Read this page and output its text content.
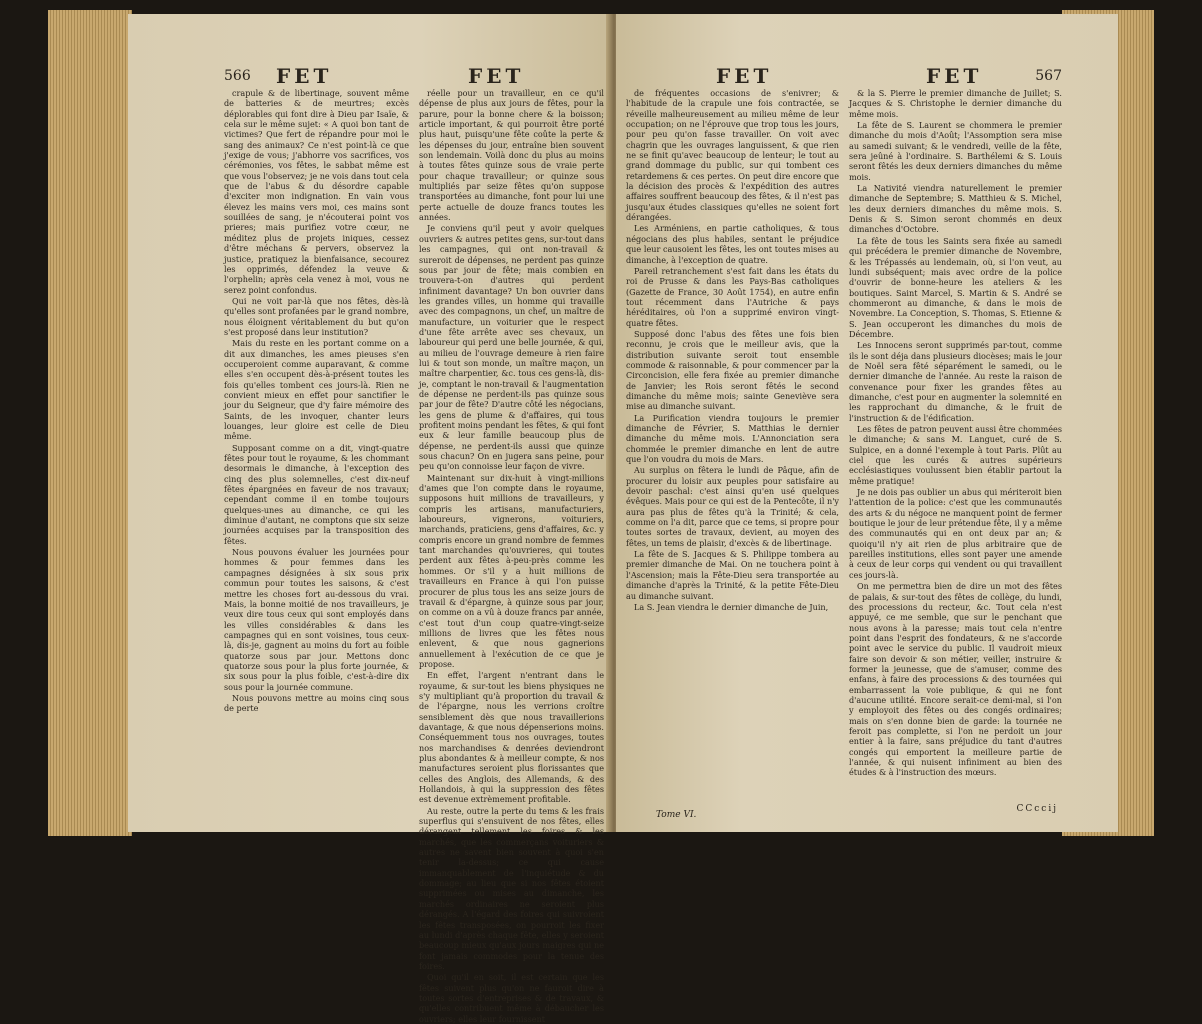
566 FET	FET

crapule & de libertinage, souvent même de batteries & de meurtres; excès déplorables qui font dire à Dieu par Isaïe, & cela sur le même sujet: « A quoi bon tant de victimes? Que fert de répandre pour moi le sang des animaux? Ce n'est point-là ce que j'exige de vous; j'abhorre vos sacrifices, vos cérémonies, vos fêtes, le sabbat même est que vous l'observez; je ne vois dans tout cela que de l'abus & du désordre capable d'exciter mon indignation. En vain vous élevez les mains vers moi, ces mains sont souillées de sang, je n'écouterai point vos prieres; mais purifiez votre cœur, ne méditez plus de projets iniques, cessez d'être méchans & pervers, observez la justice, pratiquez la bienfaisance, secourez les opprimés, défendez la veuve & l'orphelin; après cela venez à moi, vous ne serez point confondus.

Qui ne voit par-là que nos fêtes, dès-là qu'elles sont profanées par le grand nombre, nous éloignent véritablement du but qu'on s'est proposé dans leur institution?

Mais du reste en les portant comme on a dit aux dimanches, les ames pieuses s'en occuperoient comme auparavant, & comme elles s'en occupent dès-à-présent toutes les fois qu'elles tombent ces jours-là. Rien ne convient mieux en effet pour sanctifier le jour du Seigneur, que d'y faire mémoire des Saints, de les invoquer, chanter leurs louanges, leur gloire est celle de Dieu même.

Supposant comme on a dit, vingt-quatre fêtes pour tout le royaume, & les chommant desormais le dimanche, à l'exception des cinq des plus solemnelles, c'est dix-neuf fêtes épargnées en faveur de nos travaux; cependant comme il en tombe toujours quelques-unes au dimanche, ce qui les diminue d'autant, ne comptons que six seize journées acquises par la transposition des fêtes.

Nous pouvons évaluer les journées pour hommes & pour femmes dans les campagnes désignées à six sous prix commun pour toutes les saisons, & c'est mettre les choses fort au-dessous du vrai. Mais, la bonne moitié de nos travailleurs, je veux dire tous ceux qui sont employés dans les villes considérables & dans les campagnes qui en sont voisines, tous ceux-là, dis-je, gagnent au moins du fort au foible quatorze sous par jour. Mettons donc quatorze sous pour la plus forte journée, & six sous pour la plus foible, c'est-à-dire dix sous pour la journée commune.

Nous pouvons mettre au moins cinq sous de perte

réelle pour un travailleur, en ce qu'il dépense de plus aux jours de fêtes, pour la parure, pour la bonne chere & la boisson; article important, & qui pourroit être porté plus haut, puisqu'une fête coûte la perte & les dépenses du jour, entraîne bien souvent son lendemain. Voilà donc du plus au moins à toutes fêtes quinze sous de vraie perte pour chaque travailleur; or quinze sous multipliés par seize fêtes qu'on suppose transportées au dimanche, font pour lui une perte actuelle de douze francs toutes les années.

Je conviens qu'il peut y avoir quelques ouvriers & autres petites gens, sur-tout dans les campagnes, qui ont non-travail & sureroit de dépenses, ne perdent pas quinze sous par jour de fête; mais combien en trouvera-t-on d'autres qui perdent infiniment davantage? Un bon ouvrier dans les grandes villes, un homme qui travaille avec des compagnons, un chef, un maître de manufacture, un voiturier que le respect d'une fête arrête avec ses chevaux, un laboureur qui perd une belle journée, & qui, au milieu de l'ouvrage demeure à rien faire lui & tout son monde, un maître maçon, un maître charpentier, &c. tous ces gens-là, dis-je, comptant le non-travail & l'augmentation de dépense ne perdent-ils pas quinze sous par jour de fête? D'autre côté les négocians, les gens de plume & d'affaires, qui tous profitent moins pendant les fêtes, & qui font eux & leur famille beaucoup plus de dépense, ne perdent-ils aussi que quinze sous chacun? On en jugera sans peine, pour peu qu'on connoisse leur façon de vivre.

Maintenant sur dix-huit à vingt-millions d'ames que l'on compte dans le royaume, supposons huit millions de travailleurs, y compris les artisans, manufacturiers, laboureurs, vignerons, voituriers, marchands, praticiens, gens d'affaires, &c. y compris encore un grand nombre de femmes tant marchandes qu'ouvrieres, qui toutes perdent aux fêtes à-peu-près comme les hommes. Or s'il y a huit millions de travailleurs en France à qui l'on puisse procurer de plus tous les ans seize jours de travail & d'épargne, à quinze sous par jour, on comme on a vû à douze francs par année, c'est tout d'un coup quatre-vingt-seize millions de livres que les fêtes nous enlevent, & que nous gagnerions annuellement à l'exécution de ce que je propose.

En effet, l'argent n'entrant dans le royaume, & sur-tout les biens physiques ne s'y multipliant qu'à proportion du travail & de l'épargne, nous les verrions croître sensiblement dès que nous travaillerions davantage, & que nous dépenserions moins. Conséquemment tous nos ouvrages, toutes nos marchandises & denrées deviendront plus abondantes & à meilleur compte, & nos manufactures seroient plus florissantes que celles des Anglois, des Allemands, & des Hollandois, à qui la suppression des fêtes est devenue extrèmement profitable.

Au reste, outre la perte du tems & les frais superflus qui s'ensuivent de nos fêtes, elles dérangent tellement les foires & les marchés, que les commerçans voituriers & autres ne savent bien souvent à quoi s'en tenir la-dessus; ce qui cause immanquablement de l'inquiétude & du dommage; au lieu que si nos fêtes étoient supprimées ou mises au dimanche, les marchés ordinaires ne seroient plus dérangés. A l'égard des foires qui suivroient les fêtes transposées, on pourroit les fixer au lundi d'après chaque fête, elles y seroient beaucoup mieux qu'aux jours maigres qui ne font jamais commodes pour la tenue des foires.

Quoi qu'il en soit, il est certain que les fêtes suivent plus qu'on ne fauroit dire à toutes sortes d'entreprises & de travaux, & qu'elles contribuent même à débaucher les ouvriers; elles leur fournissent

FET	FET	567

de fréquentes occasions de s'enivrer; & l'habitude de la crapule une fois contractée, se réveille malheureusement au milieu même de leur occupation; on ne l'éprouve que trop tous les jours, pour peu qu'on fasse travailler. On voit avec chagrin que les ouvrages languissent, & que rien ne se finit qu'avec beaucoup de lenteur; le tout au grand dommage du public, sur qui tombent ces retardemens & ces pertes. On peut dire encore que la décision des procès & l'expédition des autres affaires souffrent beaucoup des fêtes, & il n'est pas jusqu'aux études classiques qu'elles ne soient fort dérangées.

Les Arméniens, en partie catholiques, & tous négocians des plus habiles, sentant le préjudice que leur causoient les fêtes, les ont toutes mises au dimanche, à l'exception de quatre.

Pareil retranchement s'est fait dans les états du roi de Prusse & dans les Pays-Bas catholiques (Gazette de France, 30 Août 1754), en autre enfin tout récemment dans l'Autriche & pays héréditaires, où l'on a supprimé environ vingt-quatre fêtes.

Supposé donc l'abus des fêtes une fois bien reconnu, je crois que le meilleur avis, que la distribution suivante seroit tout ensemble commode & raisonnable, & pour commencer par la Circoncision, elle fera fixée au premier dimanche de Janvier; les Rois seront fêtés le second dimanche du même mois; sainte Geneviève sera mise au dimanche suivant.

La Purification viendra toujours le premier dimanche de Février, S. Matthias le dernier dimanche du même mois. L'Annonciation sera chommée le premier dimanche en lent de autre que l'on voudra du mois de Mars.

Au surplus on fêtera le lundi de Pâque, afin de procurer du loisir aux peuples pour satisfaire au devoir paschal: c'est ainsi qu'en usé quelques évêques. Mais pour ce qui est de la Pentecôte, il n'y aura pas plus de fêtes qu'à la Trinité; & cela, comme on l'a dit, parce que ce tems, si propre pour toutes sortes de travaux, devient, au moyen des fêtes, un tems de plaisir, d'excès & de libertinage.

La fête de S. Jacques & S. Philippe tombera au premier dimanche de Mai. On ne touchera point à l'Ascension; mais la Fête-Dieu sera transportée au dimanche d'après la Trinité, & la petite Fête-Dieu au dimanche suivant.

La S. Jean viendra le dernier dimanche de Juin,

& la S. Pierre le premier dimanche de Juillet; S. Jacques & S. Christophe le dernier dimanche du même mois.

La fête de S. Laurent se chommera le premier dimanche du mois d'Août; l'Assomption sera mise au samedi suivant; & le vendredi, veille de la fête, sera jeûné à l'ordinaire. S. Barthélemi & S. Louis seront fêtés les deux derniers dimanches du même mois.

La Nativité viendra naturellement le premier dimanche de Septembre; S. Matthieu & S. Michel, les deux derniers dimanches du même mois. S. Denis & S. Simon seront chommés en deux dimanches d'Octobre.

La fête de tous les Saints sera fixée au samedi qui précédera le premier dimanche de Novembre, & les Trépassés au lendemain, où, si l'on veut, au lundi subséquent; mais avec ordre de la police d'ouvrir de bonne-heure les ateliers & les boutiques. Saint Marcel, S. Martin & S. André se chommeront au dimanche, & dans le mois de Novembre. La Conception, S. Thomas, S. Etienne & S. Jean occuperont les dimanches du mois de Décembre.

Les Innocens seront supprimés par-tout, comme ils le sont déja dans plusieurs diocèses; mais le jour de Noël sera fêté séparément le samedi, ou le dernier dimanche de l'année. Au reste la raison de convenance pour fixer les grandes fêtes au dimanche, c'est pour en augmenter la solemnité en les rapprochant du dimanche, & le fruit de l'instruction & de l'édification.

Les fêtes de patron peuvent aussi être chommées le dimanche; & sans M. Languet, curé de S. Sulpice, en a donné l'exemple à tout Paris. Plût au ciel que les curés & autres supérieurs ecclésiastiques voulussent bien établir partout la même pratique!

Je ne dois pas oublier un abus qui mériteroit bien l'attention de la police: c'est que les communautés des arts & du négoce ne manquent point de fermer boutique le jour de leur prétendue fête, il y a même des communautés qui en ont deux par an; & quoiqu'il n'y ait rien de plus arbitraire que de pareilles institutions, elles sont payer une amende à ceux de leur corps qui vendent ou qui travaillent ces jours-là.

On me permettra bien de dire un mot des fêtes de palais, & sur-tout des fêtes de collège, du lundi, des processions du recteur, &c. Tout cela n'est appuyé, ce me semble, que sur le penchant que nous avons à la paresse; mais tout cela n'entre point dans l'esprit des fondateurs, & ne s'accorde point avec le service du public. Il vaudroit mieux faire son devoir & son métier, veiller, instruire & former la jeunesse, que de s'amuser, comme des enfans, à faire des processions & des tournées qui embarrassent la voie publique, & qui ne font d'aucune utilité. Encore serait-ce demi-mal, si l'on y employoit des fêtes ou des congés ordinaires; mais on s'en donne bien de garde: la tournée ne feroit pas complette, si l'on ne perdoit un jour entier à la faire, sans préjudice du tant d'autres congés qui emportent la meilleure partie de l'année, & qui nuisent infiniment au bien des études & à l'instruction des mœurs.

Tome VI.
CCccij
